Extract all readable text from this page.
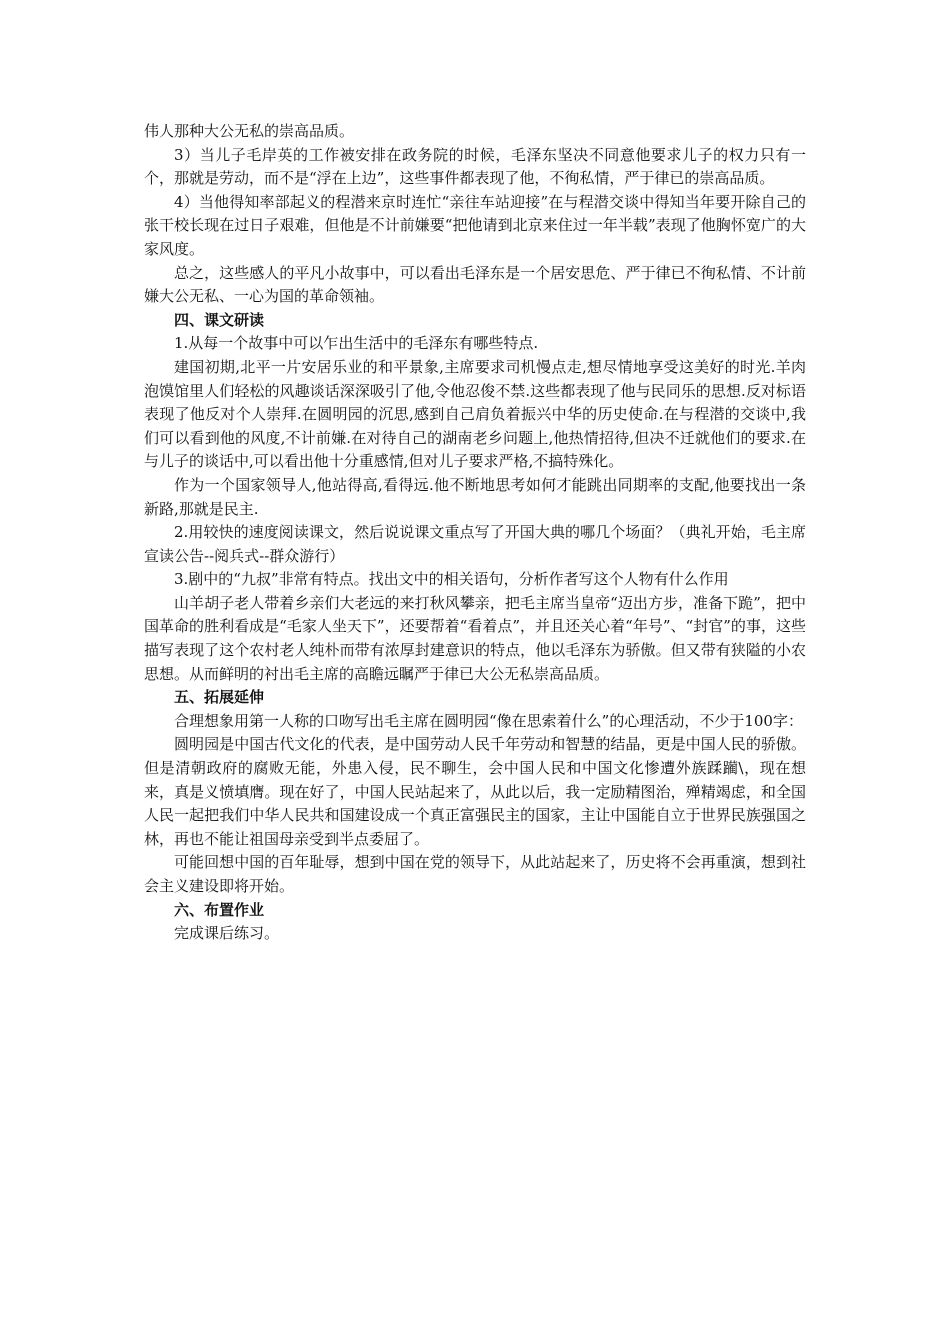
伟人那种大公无私的崇高品质。

3）当儿子毛岸英的工作被安排在政务院的时候，毛泽东坚决不同意他要求儿子的权力只有一个，那就是劳动，而不是“浮在上边”，这些事件都表现了他，不徇私情，严于律已的崇高品质。

4）当他得知率部起义的程潜来京时连忙“亲往车站迎接”在与程潜交谈中得知当年要开除自己的张干校长现在过日子艰难，但他是不计前嫌要“把他请到北京来住过一年半载”表现了他胸怀宽广的大家风度。

总之，这些感人的平凡小故事中，可以看出毛泽东是一个居安思危、严于律已不徇私情、不计前嫌大公无私、一心为国的革命领袖。

四、课文研读

1.从每一个故事中可以乍出生活中的毛泽东有哪些特点.

建国初期,北平一片安居乐业的和平景象,主席要求司机慢点走,想尽情地享受这美好的时光.羊肉泡馍馆里人们轻松的风趣谈话深深吸引了他,令他忍俊不禁.这些都表现了他与民同乐的思想.反对标语表现了他反对个人崇拜.在圆明园的沉思,感到自己肩负着振兴中华的历史使命.在与程潜的交谈中,我们可以看到他的风度,不计前嫌.在对待自己的湖南老乡问题上,他热情招待,但决不迁就他们的要求.在与儿子的谈话中,可以看出他十分重感情,但对儿子要求严格,不搞特殊化。

作为一个国家领导人,他站得高,看得远.他不断地思考如何才能跳出同期率的支配,他要找出一条新路,那就是民主.

2.用较快的速度阅读课文，然后说说课文重点写了开国大典的哪几个场面？（典礼开始，毛主席宣读公告--阅兵式--群众游行）

3.剧中的“九叔”非常有特点。找出文中的相关语句，分析作者写这个人物有什么作用

山羊胡子老人带着乡亲们大老远的来打秋风攀亲，把毛主席当皇帝“迈出方步，准备下跪”，把中国革命的胜利看成是“毛家人坐天下”，还要帮着“看着点”，并且还关心着“年号”、“封官”的事，这些描写表现了这个农村老人纯朴而带有浓厚封建意识的特点，他以毛泽东为骄傲。但又带有狭隘的小农思想。从而鲜明的衬出毛主席的高瞻远瞩严于律已大公无私崇高品质。

五、拓展延伸

合理想象用第一人称的口吻写出毛主席在圆明园“像在思索着什么”的心理活动，不少于100字：

圆明园是中国古代文化的代表，是中国劳动人民千年劳动和智慧的结晶，更是中国人民的骄傲。但是清朝政府的腐败无能，外患入侵，民不聊生，会中国人民和中国文化惨遭外族蹂躏\，现在想来，真是义愤填膺。现在好了，中国人民站起来了，从此以后，我一定励精图治，殚精竭虑，和全国人民一起把我们中华人民共和国建设成一个真正富强民主的国家，主让中国能自立于世界民族强国之林，再也不能让祖国母亲受到半点委屈了。

可能回想中国的百年耻辱，想到中国在党的领导下，从此站起来了，历史将不会再重演，想到社会主义建设即将开始。

六、布置作业

完成课后练习。
